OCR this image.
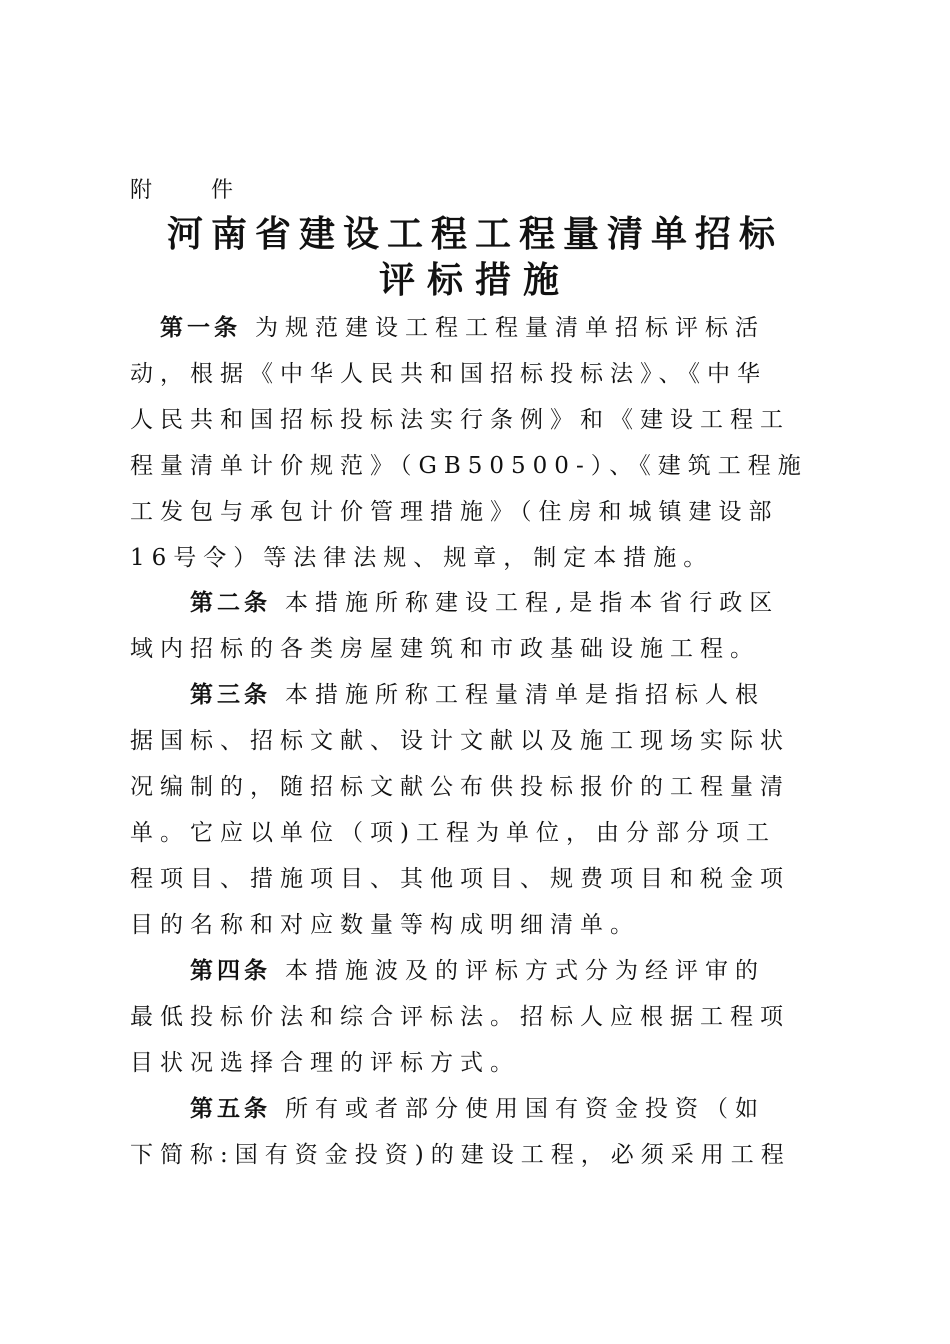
附 件
河南省建设工程工程量清单招标
评标措施
第一条 为规范建设工程工程量清单招标评标活
动，根据《中华人民共和国招标投标法》、《中华
人民共和国招标投标法实行条例》和《建设工程工
程量清单计价规范》（GB50500-）、《建筑工程施
工发包与承包计价管理措施》（住房和城镇建设部
16号令）等法律法规、规章，制定本措施。
第二条 本措施所称建设工程,是指本省行政区
域内招标的各类房屋建筑和市政基础设施工程。
第三条 本措施所称工程量清单是指招标人根
据国标、招标文献、设计文献以及施工现场实际状
况编制的，随招标文献公布供投标报价的工程量清
单。它应以单位（项)工程为单位，由分部分项工
程项目、措施项目、其他项目、规费项目和税金项
目的名称和对应数量等构成明细清单。
第四条 本措施波及的评标方式分为经评审的
最低投标价法和综合评标法。招标人应根据工程项
目状况选择合理的评标方式。
第五条 所有或者部分使用国有资金投资（如
下简称:国有资金投资)的建设工程，必须采用工程
